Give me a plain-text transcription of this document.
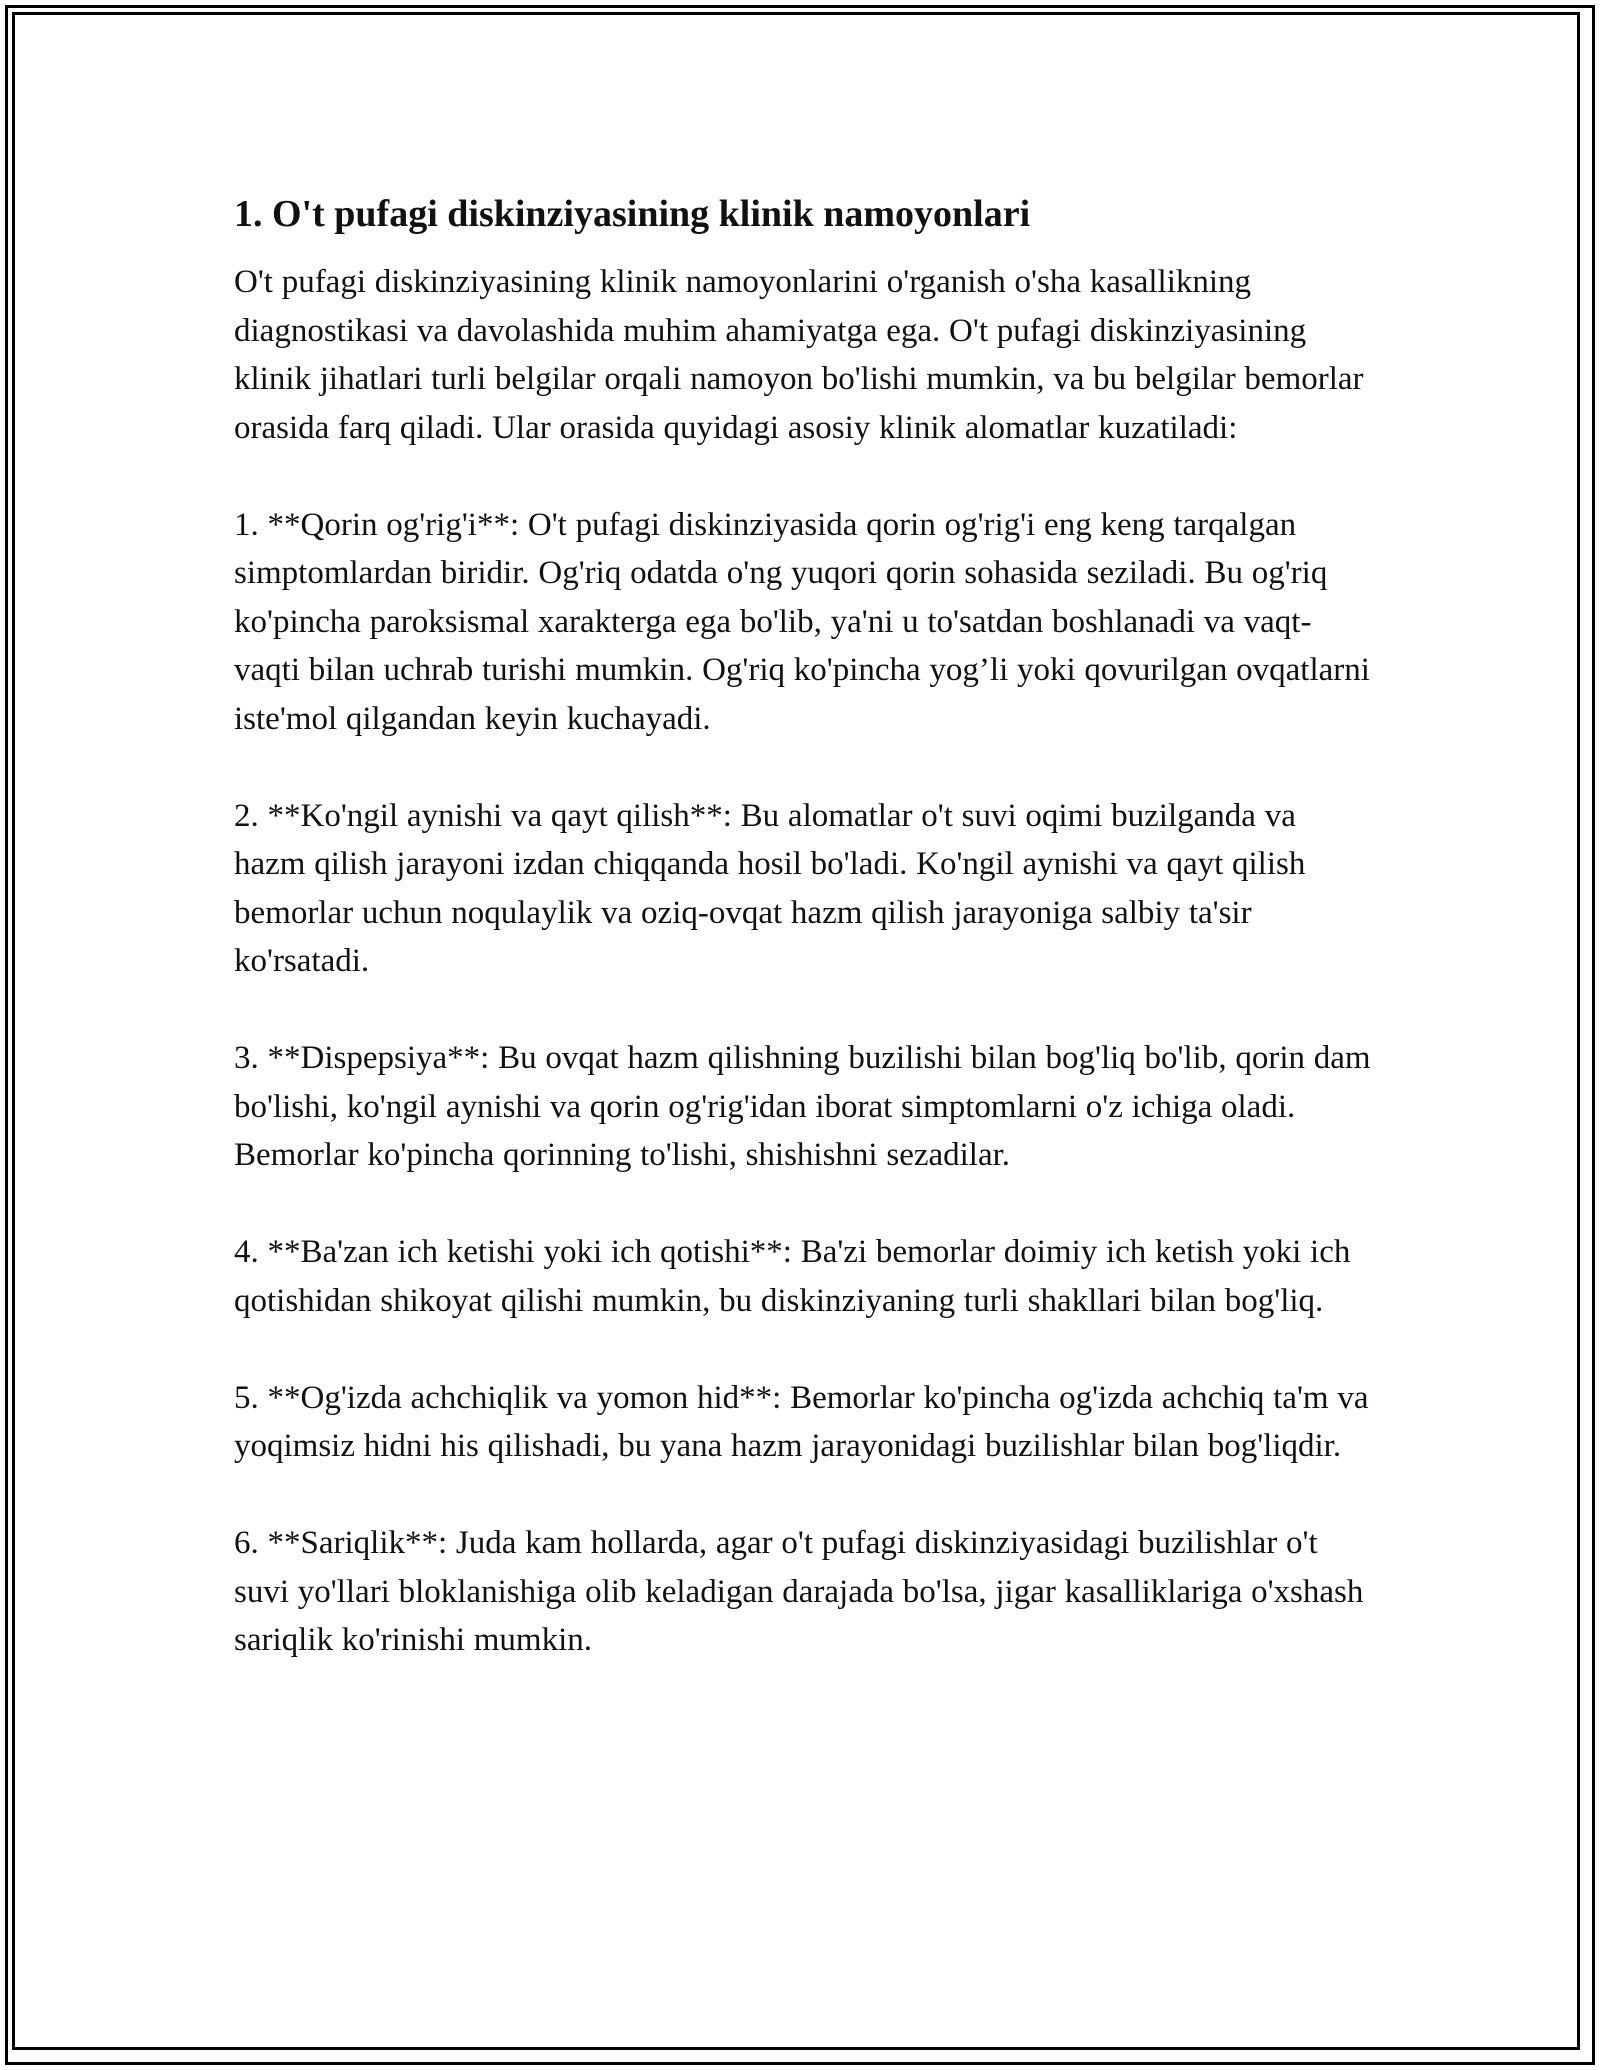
1. O't pufagi diskinziyasining klinik namoyonlari

O't pufagi diskinziyasining klinik namoyonlarini o'rganish o'sha kasallikning diagnostikasi va davolashida muhim ahamiyatga ega. O't pufagi diskinziyasining klinik jihatlari turli belgilar orqali namoyon bo'lishi mumkin, va bu belgilar bemorlar orasida farq qiladi. Ular orasida quyidagi asosiy klinik alomatlar kuzatiladi:

1. **Qorin og'rig'i**: O't pufagi diskinziyasida qorin og'rig'i eng keng tarqalgan simptomlardan biridir. Og'riq odatda o'ng yuqori qorin sohasida seziladi. Bu og'riq ko'pincha paroksismal xarakterga ega bo'lib, ya'ni u to'satdan boshlanadi va vaqt-vaqti bilan uchrab turishi mumkin. Og'riq ko'pincha yog’li yoki qovurilgan ovqatlarni iste'mol qilgandan keyin kuchayadi.

2. **Ko'ngil aynishi va qayt qilish**: Bu alomatlar o't suvi oqimi buzilganda va hazm qilish jarayoni izdan chiqqanda hosil bo'ladi. Ko'ngil aynishi va qayt qilish bemorlar uchun noqulaylik va oziq-ovqat hazm qilish jarayoniga salbiy ta'sir ko'rsatadi.

3. **Dispepsiya**: Bu ovqat hazm qilishning buzilishi bilan bog'liq bo'lib, qorin dam bo'lishi, ko'ngil aynishi va qorin og'rig'idan iborat simptomlarni o'z ichiga oladi. Bemorlar ko'pincha qorinning to'lishi, shishishni sezadilar.

4. **Ba'zan ich ketishi yoki ich qotishi**: Ba'zi bemorlar doimiy ich ketish yoki ich qotishidan shikoyat qilishi mumkin, bu diskinziyaning turli shakllari bilan bog'liq.

5. **Og'izda achchiqlik va yomon hid**: Bemorlar ko'pincha og'izda achchiq ta'm va yoqimsiz hidni his qilishadi, bu yana hazm jarayonidagi buzilishlar bilan bog'liqdir.

6. **Sariqlik**: Juda kam hollarda, agar o't pufagi diskinziyasidagi buzilishlar o't suvi yo'llari bloklanishiga olib keladigan darajada bo'lsa, jigar kasalliklariga o'xshash sariqlik ko'rinishi mumkin.
